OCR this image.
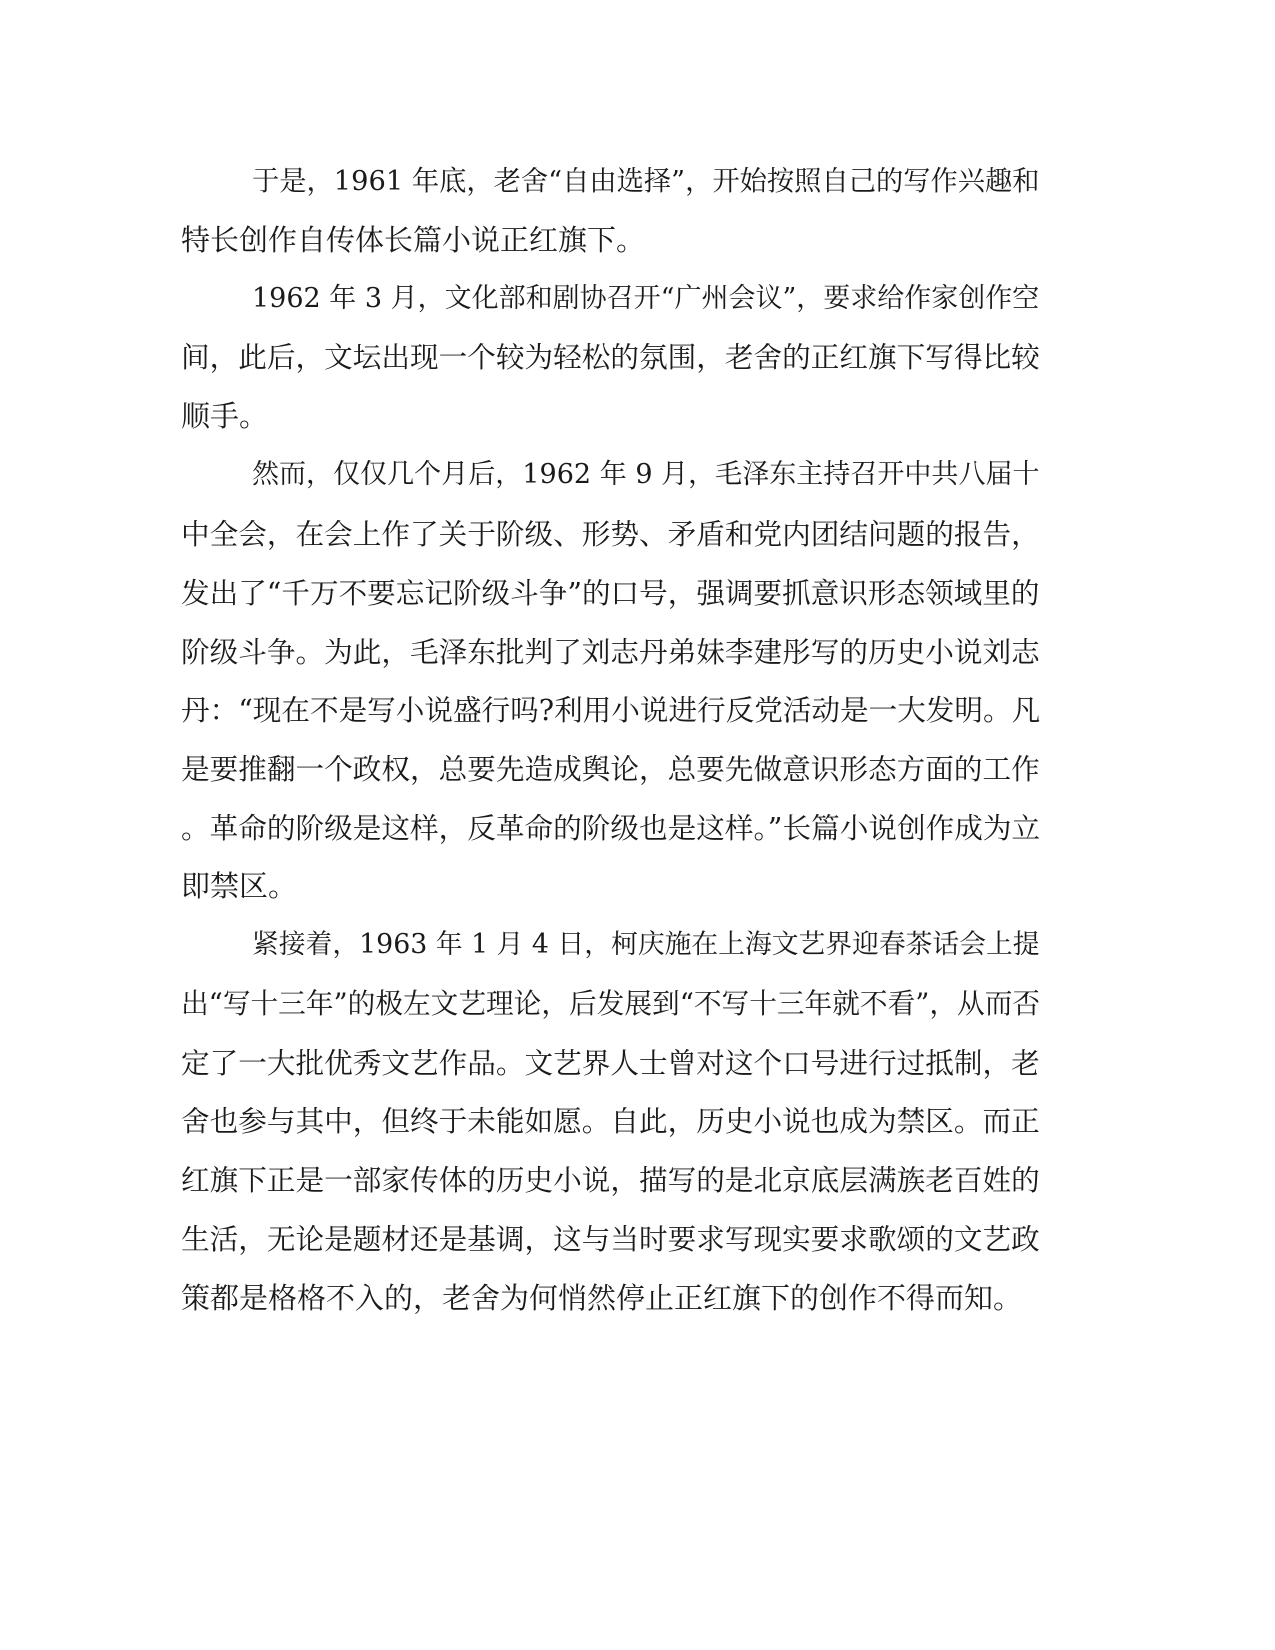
于是，1961 年底，老舍“自由选择”，开始按照自己的写作兴趣和

特长创作自传体长篇小说正红旗下。

1962 年 3 月，文化部和剧协召开“广州会议”，要求给作家创作空

间，此后，文坛出现一个较为轻松的氛围，老舍的正红旗下写得比较

顺手。

然而，仅仅几个月后，1962 年 9 月，毛泽东主持召开中共八届十

中全会，在会上作了关于阶级、形势、矛盾和党内团结问题的报告，

发出了“千万不要忘记阶级斗争”的口号，强调要抓意识形态领域里的

阶级斗争。为此，毛泽东批判了刘志丹弟妹李建彤写的历史小说刘志

丹：“现在不是写小说盛行吗?利用小说进行反党活动是一大发明。凡

是要推翻一个政权，总要先造成舆论，总要先做意识形态方面的工作

。革命的阶级是这样，反革命的阶级也是这样。”长篇小说创作成为立

即禁区。

紧接着，1963 年 1 月 4 日，柯庆施在上海文艺界迎春茶话会上提

出“写十三年”的极左文艺理论，后发展到“不写十三年就不看”，从而否

定了一大批优秀文艺作品。文艺界人士曾对这个口号进行过抵制，老

舍也参与其中，但终于未能如愿。自此，历史小说也成为禁区。而正

红旗下正是一部家传体的历史小说，描写的是北京底层满族老百姓的

生活，无论是题材还是基调，这与当时要求写现实要求歌颂的文艺政

策都是格格不入的，老舍为何悄然停止正红旗下的创作不得而知。
